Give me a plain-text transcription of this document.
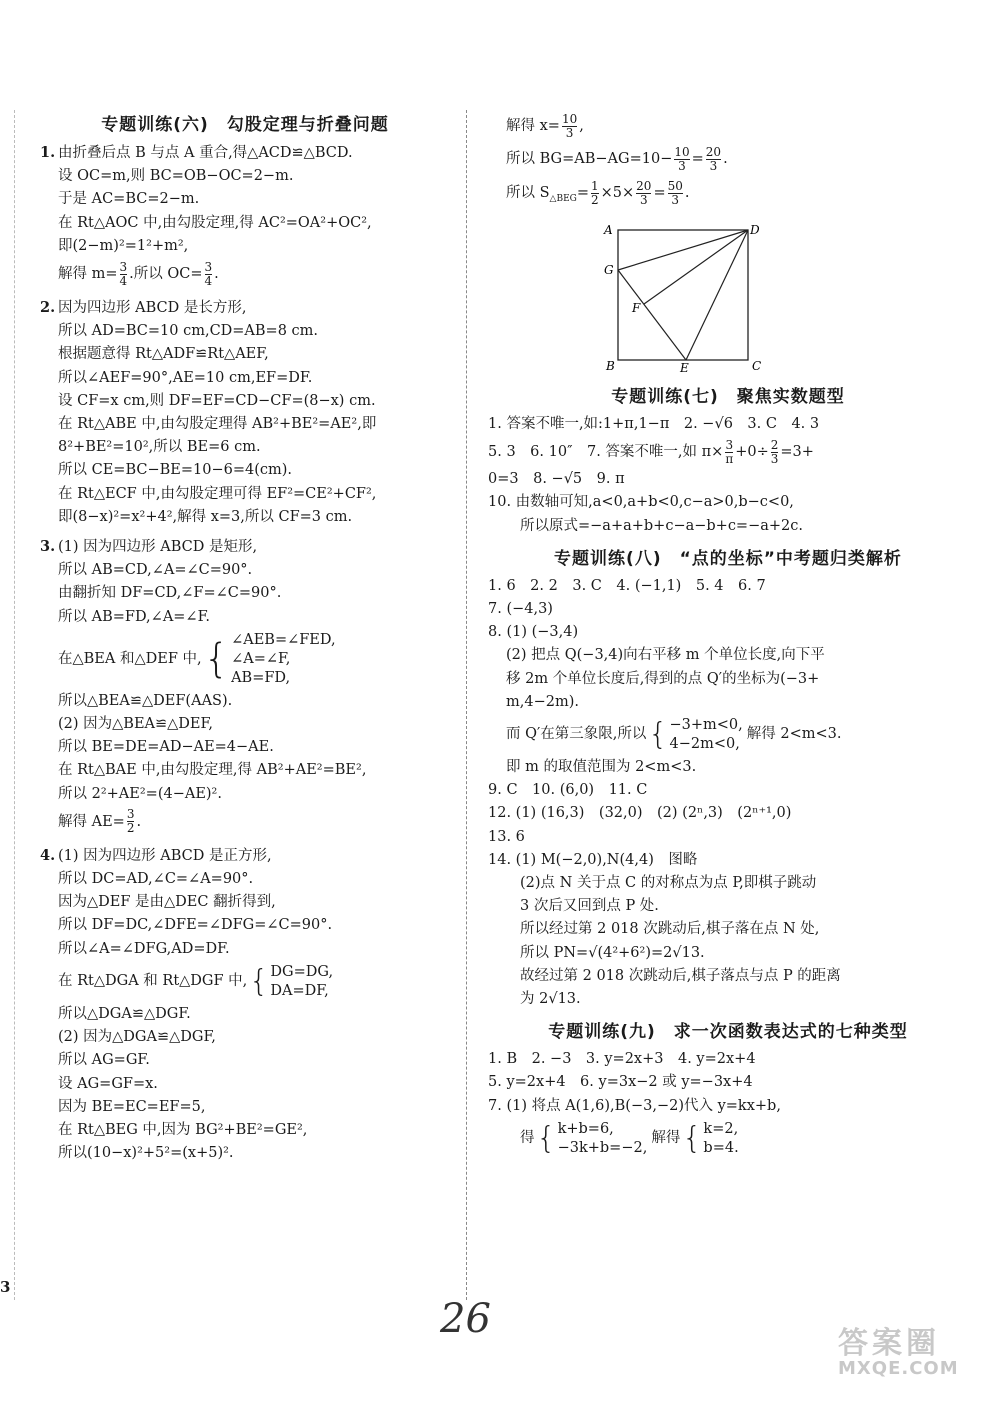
专题训练(六)　勾股定理与折叠问题
1. 由折叠后点 B 与点 A 重合,得△ACD≌△BCD.
设 OC=m,则 BC=OB−OC=2−m.
于是 AC=BC=2−m.
在 Rt△AOC 中,由勾股定理,得 AC²=OA²+OC²,
即(2−m)²=1²+m²,
解得 $m= \frac{3}{4}$ .所以 $OC= \frac{3}{4}$ .
2. 因为四边形 ABCD 是长方形,
所以 AD=BC=10 cm,CD=AB=8 cm.
根据题意得 Rt△ADF≌Rt△AEF,
所以∠AEF=90°,AE=10 cm,EF=DF.
设 CF=x cm,则 DF=EF=CD−CF=(8−x) cm.
在 Rt△ABE 中,由勾股定理得 AB²+BE²=AE²,即
8²+BE²=10²,所以 BE=6 cm.
所以 CE=BC−BE=10−6=4(cm).
在 Rt△ECF 中,由勾股定理可得 EF²=CE²+CF²,
即(8−x)²=x²+4²,解得 x=3,所以 CF=3 cm.
3. (1) 因为四边形 ABCD 是矩形,
所以 AB=CD,∠A=∠C=90°.
由翻折知 DF=CD,∠F=∠C=90°.
所以 AB=FD,∠A=∠F.
在△BEA 和△DEF 中, { ∠AEB=∠FED,
∠A=∠F,
AB=FD,
所以△BEA≌△DEF(AAS).
(2) 因为△BEA≌△DEF,
所以 BE=DE=AD−AE=4−AE.
在 Rt△BAE 中,由勾股定理,得 AB²+AE²=BE²,
所以 2²+AE²=(4−AE)².
解得 $AE= \frac{3}{2}$ .
4. (1) 因为四边形 ABCD 是正方形,
所以 DC=AD,∠C=∠A=90°.
因为△DEF 是由△DEC 翻折得到,
所以 DF=DC,∠DFE=∠DFG=∠C=90°.
所以∠A=∠DFG,AD=DF.
在 Rt△DGA 和 Rt△DGF 中, { DG=DG,
DA=DF,
所以△DGA≌△DGF.
(2) 因为△DGA≌△DGF,
所以 AG=GF.
设 AG=GF=x.
因为 BE=EC=EF=5,
在 Rt△BEG 中,因为 BG²+BE²=GE²,
所以(10−x)²+5²=(x+5)².
解得 $x= \frac{10}{3}$ ,
所以 $BG=AB-AG=10- \frac{10}{3} = \frac{20}{3}$ .
所以 $S_{\triangle BEG}= \frac{1}{2} \times 5\times \frac{20}{3} = \frac{50}{3}$ .
A	D
G
F
B	E	C
专题训练(七)　聚焦实数题型
1. 答案不唯一,如:1+π,1−π　2. −√6　3. C　4. 3
5. 3　6. 10″　7. 答案不唯一,如 $\pi\times \frac{3}{\pi} +0\div \frac{2}{3} =3+$
0=3　8. −√5　9. π
10. 由数轴可知,a<0,a+b<0,c−a>0,b−c<0,
所以原式=−a+a+b+c−a−b+c=−a+2c.
专题训练(八)　“点的坐标”中考题归类解析
1. 6　2. 2　3. C　4. (−1,1)　5. 4　6. 7
7. (−4,3)
8. (1) (−3,4)
(2) 把点 Q(−3,4)向右平移 m 个单位长度,向下平
移 2m 个单位长度后,得到的点 Q′的坐标为(−3+
m,4−2m).
而 Q′在第三象限,所以 { −3+m<0,
4−2m<0,
解得 2<m<3.
即 m 的取值范围为 2<m<3.
9. C　10. (6,0)　11. C
12. (1) (16,3)　(32,0)　(2) (2ⁿ,3)　(2ⁿ⁺¹,0)
13. 6
14. (1) M(−2,0),N(4,4)　图略
(2)点 N 关于点 C 的对称点为点 P,即棋子跳动
3 次后又回到点 P 处.
所以经过第 2 018 次跳动后,棋子落在点 N 处,
所以 PN=√(4²+6²)=2√13.
故经过第 2 018 次跳动后,棋子落点与点 P 的距离
为 2√13.
专题训练(九)　求一次函数表达式的七种类型
1. B　2. −3　3. y=2x+3　4. y=2x+4
5. y=2x+4　6. y=3x−2 或 y=−3x+4
7. (1) 将点 A(1,6),B(−3,−2)代入 y=kx+b,
得 { k+b=6,
−3k+b=−2,
解得 { k=2,
b=4.
3
26
答案圈
MXQE.COM
